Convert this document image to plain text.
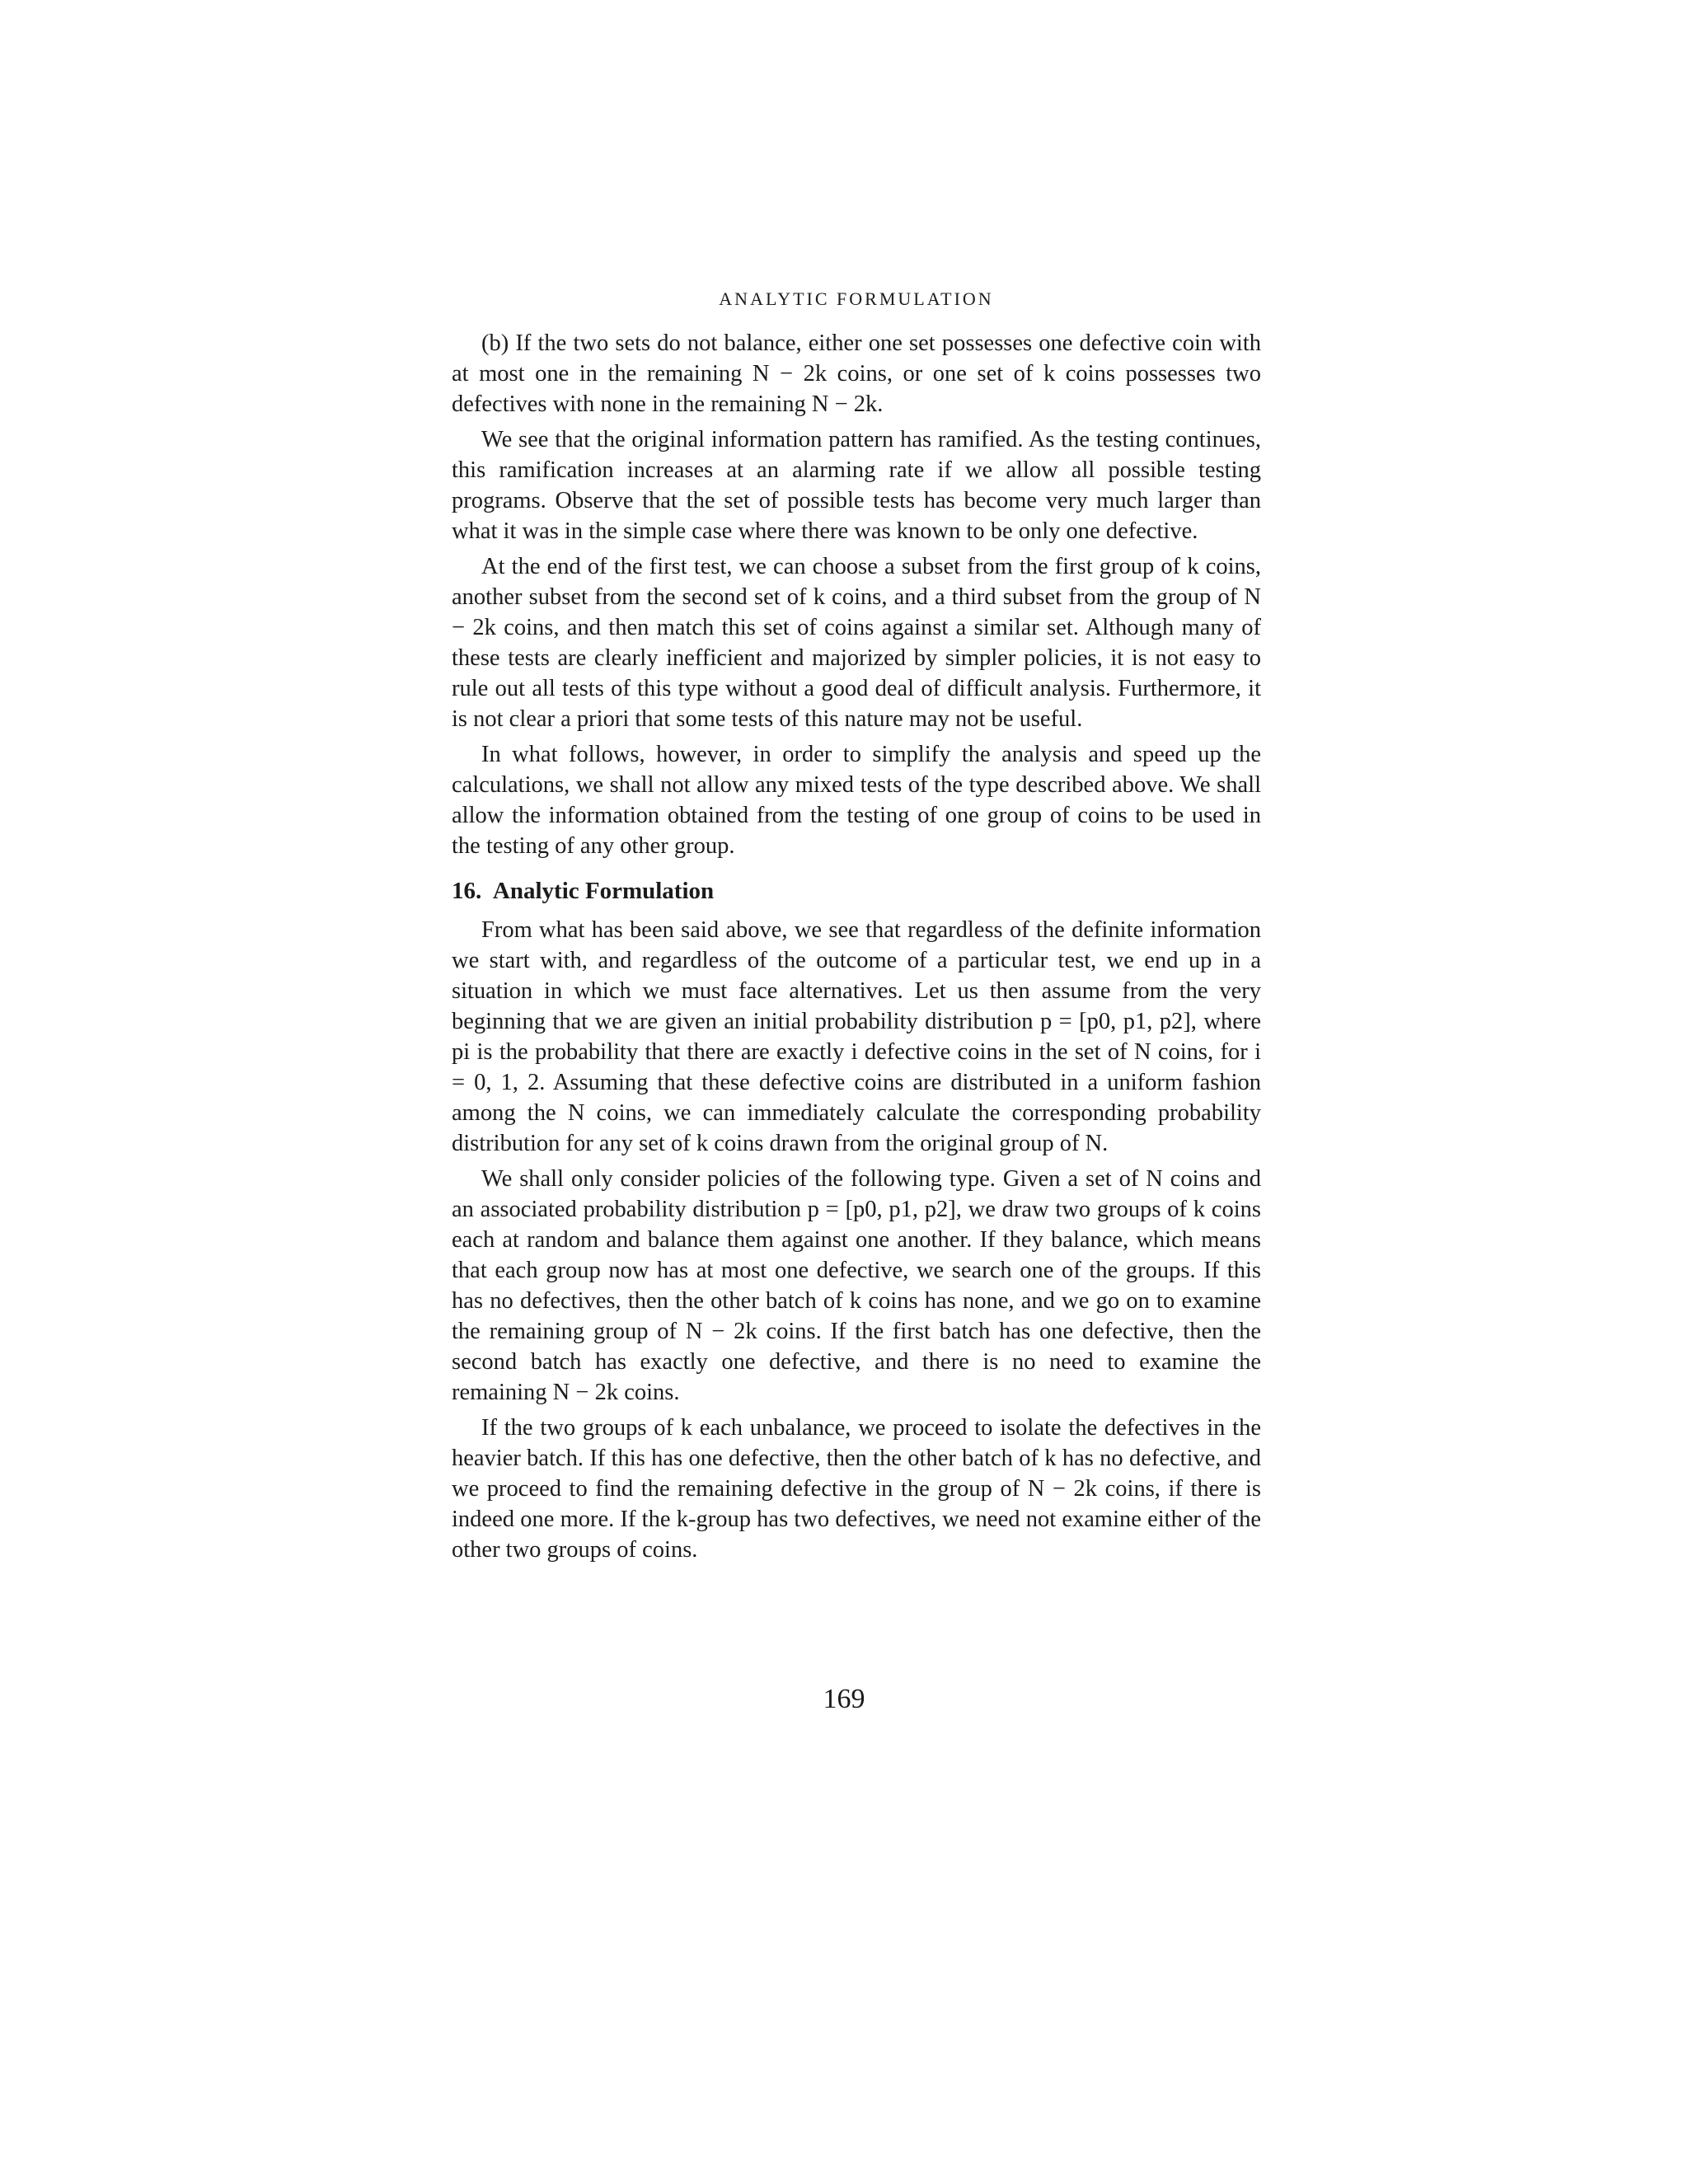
ANALYTIC FORMULATION

(b) If the two sets do not balance, either one set possesses one defective coin with at most one in the remaining N − 2k coins, or one set of k coins possesses two defectives with none in the remaining N − 2k.

We see that the original information pattern has ramified. As the testing continues, this ramification increases at an alarming rate if we allow all possible testing programs. Observe that the set of possible tests has become very much larger than what it was in the simple case where there was known to be only one defective.

At the end of the first test, we can choose a subset from the first group of k coins, another subset from the second set of k coins, and a third subset from the group of N − 2k coins, and then match this set of coins against a similar set. Although many of these tests are clearly inefficient and majorized by simpler policies, it is not easy to rule out all tests of this type without a good deal of difficult analysis. Furthermore, it is not clear a priori that some tests of this nature may not be useful.

In what follows, however, in order to simplify the analysis and speed up the calculations, we shall not allow any mixed tests of the type described above. We shall allow the information obtained from the testing of one group of coins to be used in the testing of any other group.

16. Analytic Formulation

From what has been said above, we see that regardless of the definite information we start with, and regardless of the outcome of a particular test, we end up in a situation in which we must face alternatives. Let us then assume from the very beginning that we are given an initial probability distribution p = [p0, p1, p2], where pi is the probability that there are exactly i defective coins in the set of N coins, for i = 0, 1, 2. Assuming that these defective coins are distributed in a uniform fashion among the N coins, we can immediately calculate the corresponding probability distribution for any set of k coins drawn from the original group of N.

We shall only consider policies of the following type. Given a set of N coins and an associated probability distribution p = [p0, p1, p2], we draw two groups of k coins each at random and balance them against one another. If they balance, which means that each group now has at most one defective, we search one of the groups. If this has no defectives, then the other batch of k coins has none, and we go on to examine the remaining group of N − 2k coins. If the first batch has one defective, then the second batch has exactly one defective, and there is no need to examine the remaining N − 2k coins.

If the two groups of k each unbalance, we proceed to isolate the defectives in the heavier batch. If this has one defective, then the other batch of k has no defective, and we proceed to find the remaining defective in the group of N − 2k coins, if there is indeed one more. If the k-group has two defectives, we need not examine either of the other two groups of coins.

169
